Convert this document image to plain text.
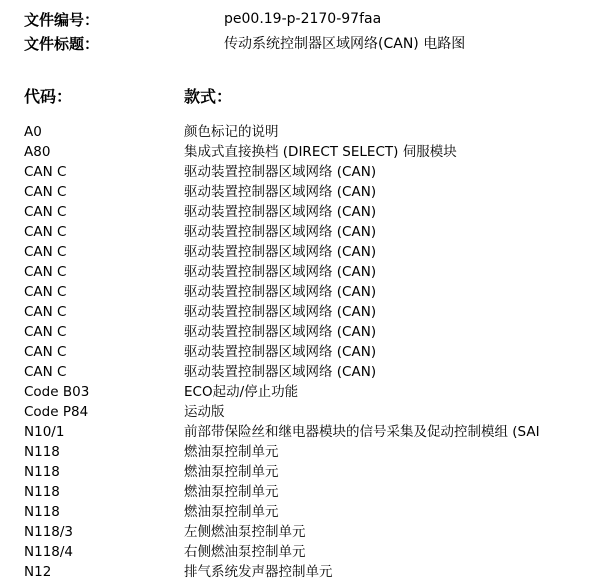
文件编号：	pe00.19-p-2170-97faa
文件标题：	传动系统控制器区域网络(CAN) 电路图
代码：	款式：
A0	颜色标记的说明
A80	集成式直接换档 (DIRECT SELECT) 伺服模块
CAN C	驱动装置控制器区域网络 (CAN)
CAN C	驱动装置控制器区域网络 (CAN)
CAN C	驱动装置控制器区域网络 (CAN)
CAN C	驱动装置控制器区域网络 (CAN)
CAN C	驱动装置控制器区域网络 (CAN)
CAN C	驱动装置控制器区域网络 (CAN)
CAN C	驱动装置控制器区域网络 (CAN)
CAN C	驱动装置控制器区域网络 (CAN)
CAN C	驱动装置控制器区域网络 (CAN)
CAN C	驱动装置控制器区域网络 (CAN)
CAN C	驱动装置控制器区域网络 (CAN)
Code B03	ECO起动/停止功能
Code P84	运动版
N10/1	前部带保险丝和继电器模块的信号采集及促动控制模组 (SAI
N118	燃油泵控制单元
N118	燃油泵控制单元
N118	燃油泵控制单元
N118	燃油泵控制单元
N118/3	左侧燃油泵控制单元
N118/4	右侧燃油泵控制单元
N12	排气系统发声器控制单元
